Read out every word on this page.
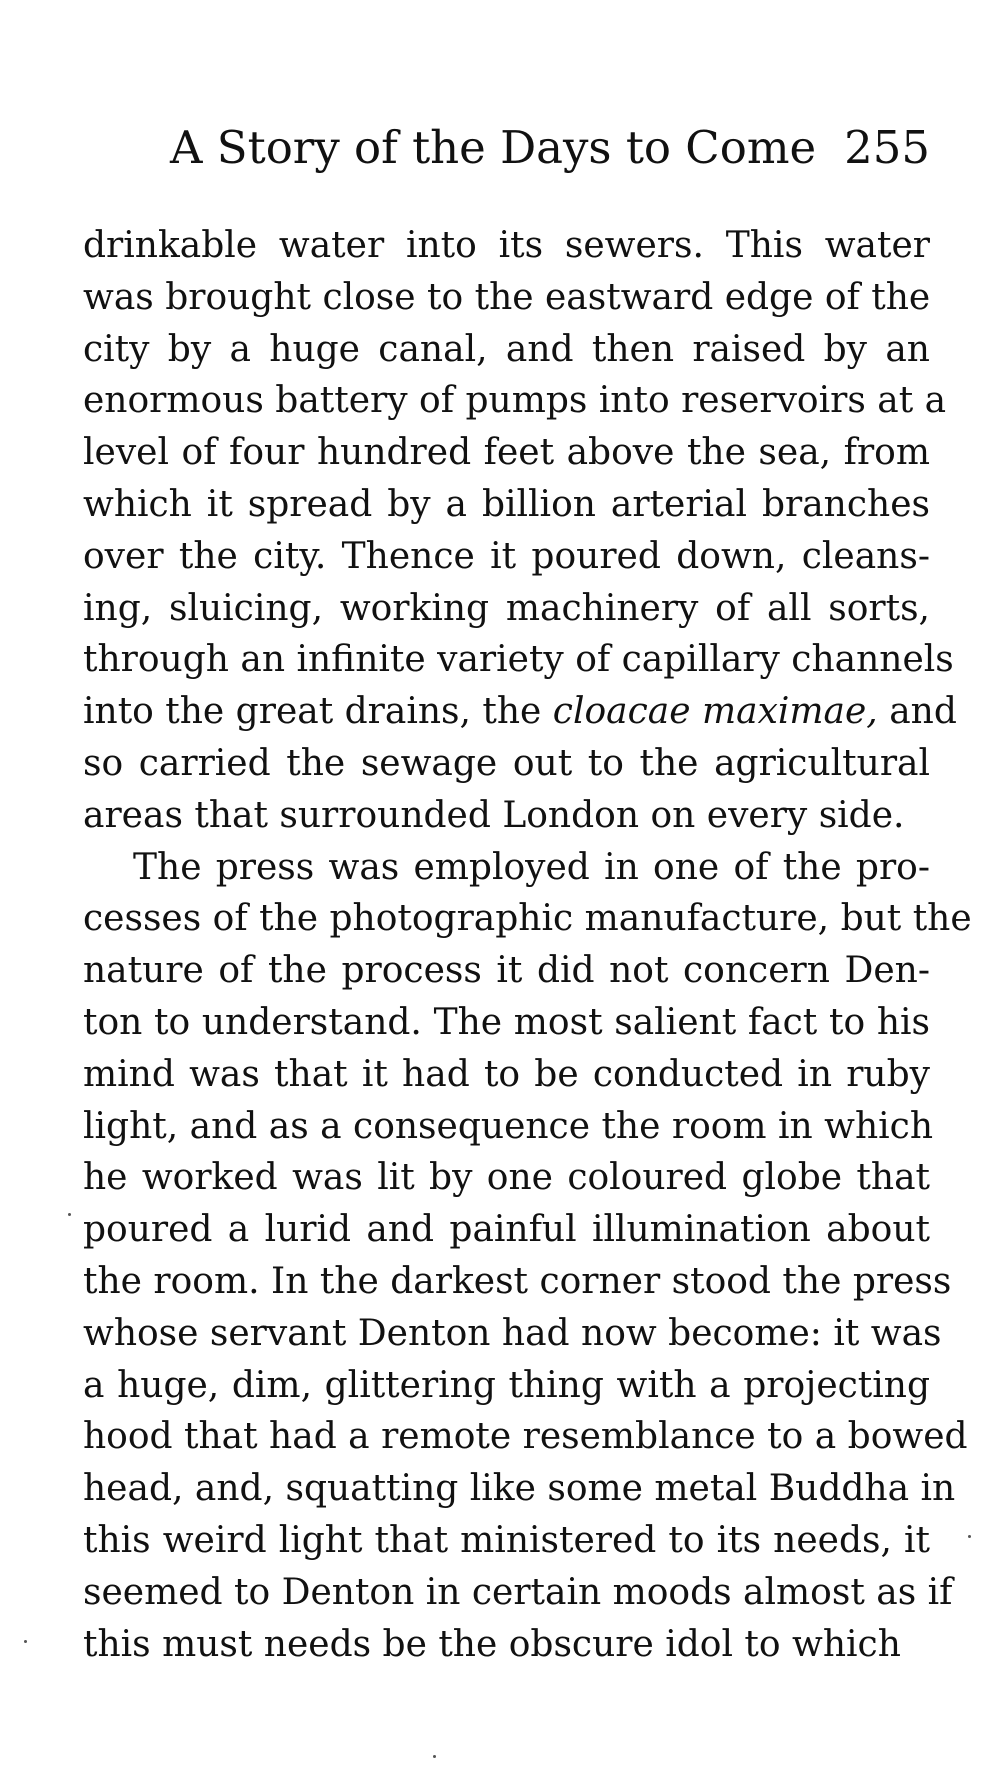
A Story of the Days to Come 255
drinkable water into its sewers. This water
was brought close to the eastward edge of the
city by a huge canal, and then raised by an
enormous battery of pumps into reservoirs at a
level of four hundred feet above the sea, from
which it spread by a billion arterial branches
over the city. Thence it poured down, cleans-
ing, sluicing, working machinery of all sorts,
through an infinite variety of capillary channels
into the great drains, the cloacae maximae, and
so carried the sewage out to the agricultural
areas that surrounded London on every side.
The press was employed in one of the pro-
cesses of the photographic manufacture, but the
nature of the process it did not concern Den-
ton to understand. The most salient fact to his
mind was that it had to be conducted in ruby
light, and as a consequence the room in which
he worked was lit by one coloured globe that
poured a lurid and painful illumination about
the room. In the darkest corner stood the press
whose servant Denton had now become: it was
a huge, dim, glittering thing with a projecting
hood that had a remote resemblance to a bowed
head, and, squatting like some metal Buddha in
this weird light that ministered to its needs, it
seemed to Denton in certain moods almost as if
this must needs be the obscure idol to which
